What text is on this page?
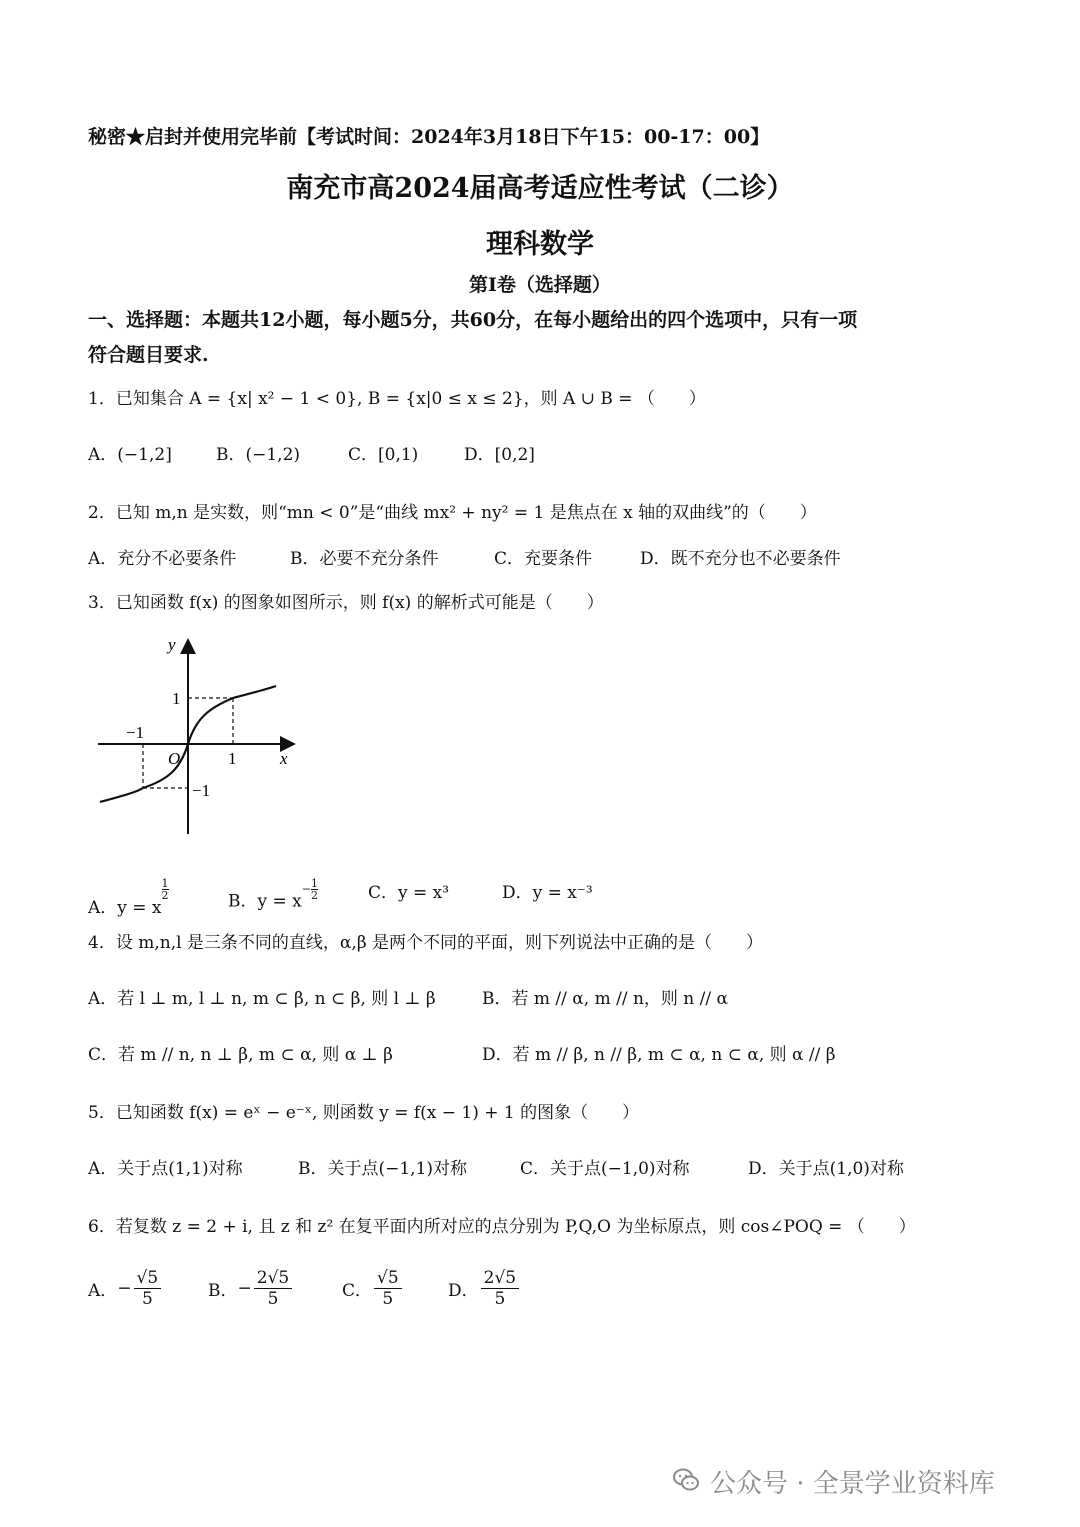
秘密★启封并使用完毕前【考试时间：2024年3月18日下午15：00-17：00】
南充市高2024届高考适应性考试（二诊）
理科数学
第Ⅰ卷（选择题）
一、选择题：本题共12小题，每小题5分，共60分，在每小题给出的四个选项中，只有一项
符合题目要求.
1．已知集合 A = {x| x² − 1 < 0}, B = {x|0 ≤ x ≤ 2}，则 A ∪ B = （　　）
A．(−1,2]	B．(−1,2)	C．[0,1)	D．[0,2]
2．已知 m,n 是实数，则“mn < 0”是“曲线 mx² + ny² = 1 是焦点在 x 轴的双曲线”的（　　）
A．充分不必要条件	B．必要不充分条件	C．充要条件	D．既不充分也不必要条件
3．已知函数 f(x) 的图象如图所示，则 f(x) 的解析式可能是（　　）
y
x
O
1
−1
−1
1
A．y = x
$^{\frac{1}{2}}$
B．$y = x^{- \frac{1}{2}}$	C．y = x³	D．y = x⁻³
4．设 m,n,l 是三条不同的直线，α,β 是两个不同的平面，则下列说法中正确的是（　　）
A．若 l ⊥ m, l ⊥ n, m ⊂ β, n ⊂ β, 则 l ⊥ β	B．若 m // α, m // n，则 n // α
C．若 m // n, n ⊥ β, m ⊂ α, 则 α ⊥ β	D．若 m // β, n // β, m ⊂ α, n ⊂ α, 则 α // β
5．已知函数 f(x) = eˣ − e⁻ˣ, 则函数 y = f(x − 1) + 1 的图象（　　）
A．关于点(1,1)对称	B．关于点(−1,1)对称	C．关于点(−1,0)对称	D．关于点(1,0)对称
6．若复数 z = 2 + i, 且 z 和 z² 在复平面内所对应的点分别为 P,Q,O 为坐标原点，则 cos∠POQ = （　　）
A．− $\frac{√5}{5}$	B．− $\frac{2√5}{5}$	C． $\frac{√5}{5}$	D． $\frac{2√5}{5}$
公众号 · 全景学业资料库
